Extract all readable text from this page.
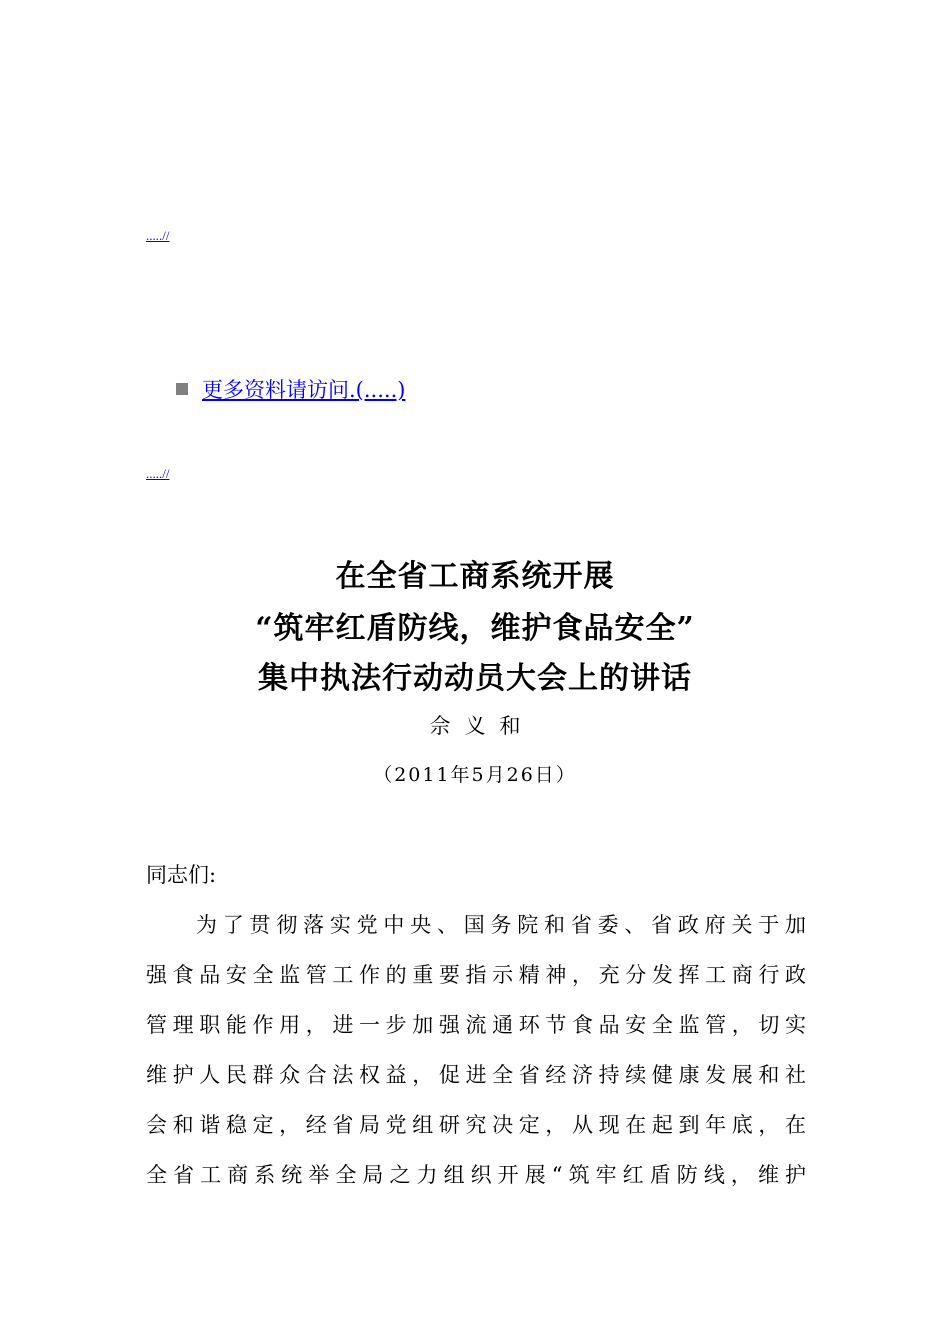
.....//
更多资料请访问.(.....)
.....//
在全省工商系统开展
“筑牢红盾防线，维护食品安全”
集中执法行动动员大会上的讲话
佘义和
（2011年5月26日）
同志们:
为了贯彻落实党中央、国务院和省委、省政府关于加
强食品安全监管工作的重要指示精神，充分发挥工商行政
管理职能作用，进一步加强流通环节食品安全监管，切实
维护人民群众合法权益，促进全省经济持续健康发展和社
会和谐稳定，经省局党组研究决定，从现在起到年底，在
全省工商系统举全局之力组织开展“筑牢红盾防线，维护
